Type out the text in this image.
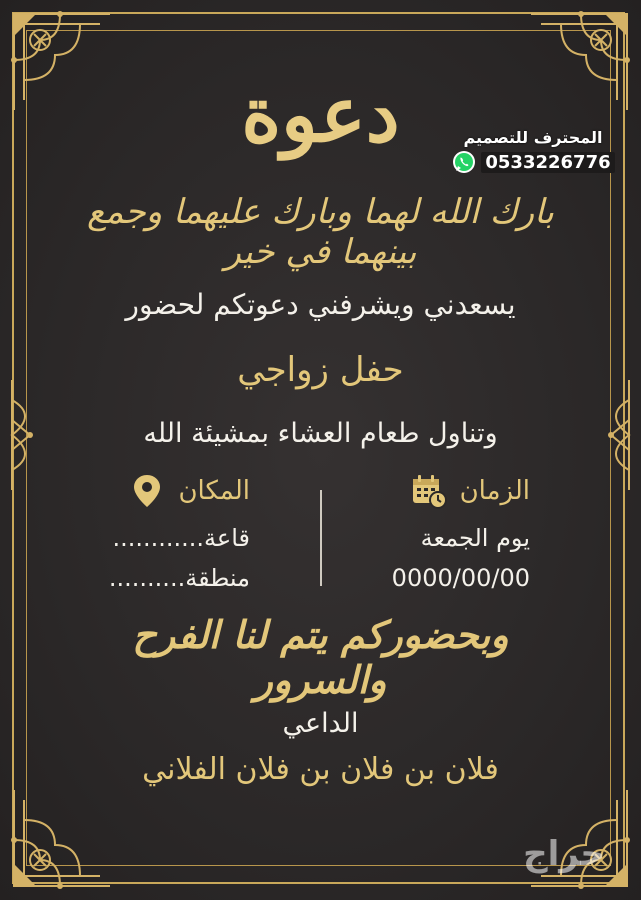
دعوة	المحترف للتصميم
0533226776
بارك الله لهما وبارك عليهما وجمع بينهما في خير
يسعدني ويشرفني دعوتكم لحضور
حفل زواجي
وتناول طعام العشاء بمشيئة الله
الزمان
يوم الجمعة
0000/00/00
المكان
قاعة............
منطقة..........
وبحضوركم يتم لنا الفرح والسرور
الداعي
فلان بن فلان بن فلان الفلاني
حراج
